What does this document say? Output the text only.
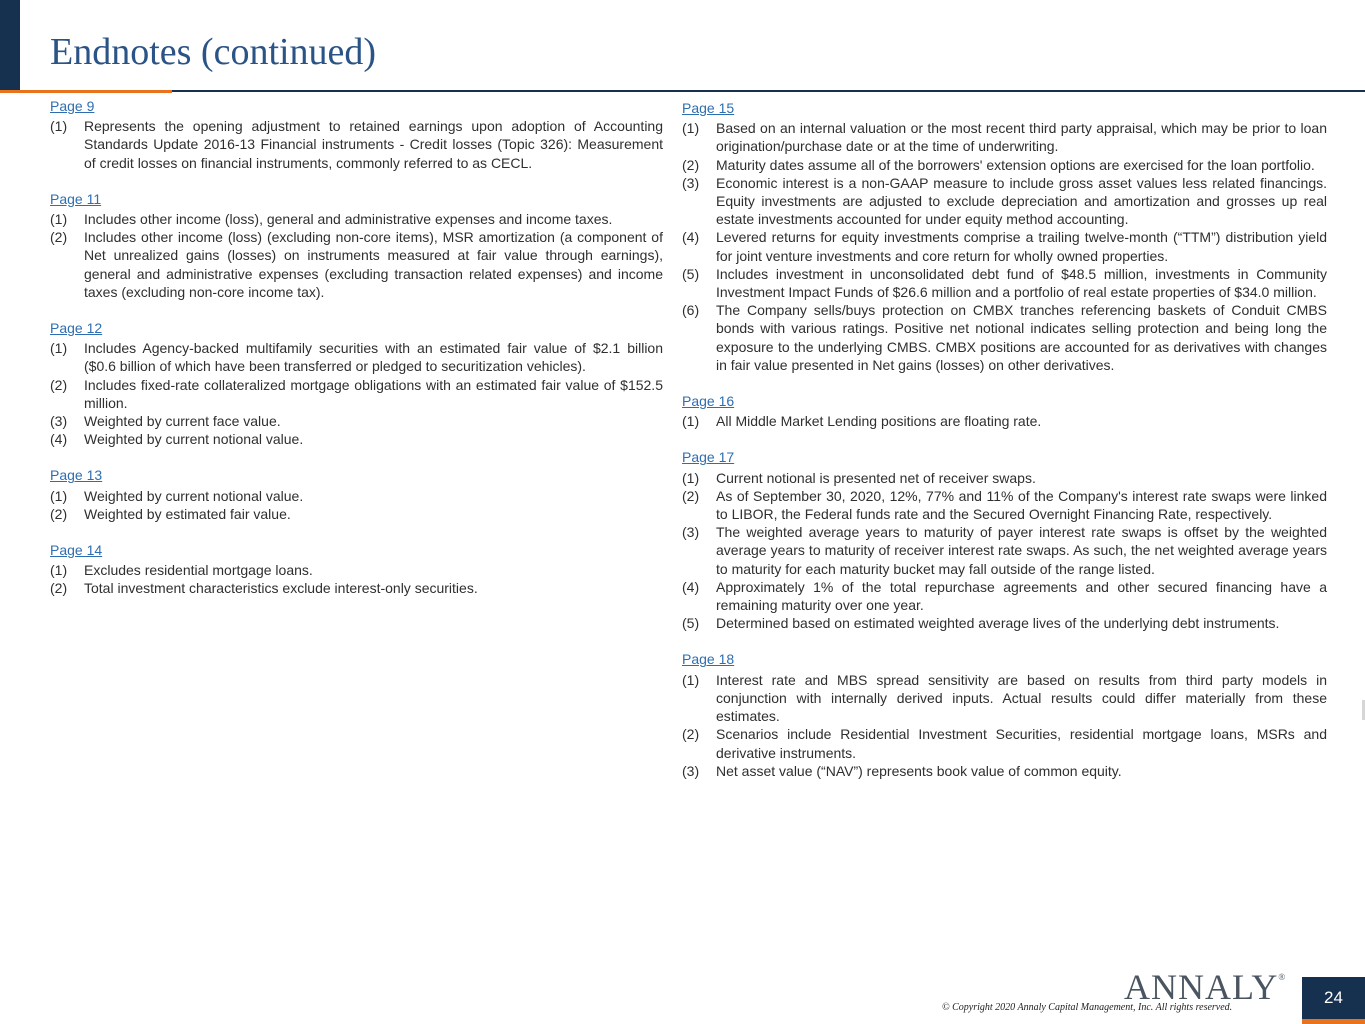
Endnotes (continued)
Page 9
(1)	Represents the opening adjustment to retained earnings upon adoption of Accounting Standards Update 2016-13 Financial instruments - Credit losses (Topic 326): Measurement of credit losses on financial instruments, commonly referred to as CECL.
Page 11
(1)	Includes other income (loss), general and administrative expenses and income taxes.
(2)	Includes other income (loss) (excluding non-core items), MSR amortization (a component of Net unrealized gains (losses) on instruments measured at fair value through earnings), general and administrative expenses (excluding transaction related expenses) and income taxes (excluding non-core income tax).
Page 12
(1)	Includes Agency-backed multifamily securities with an estimated fair value of $2.1 billion ($0.6 billion of which have been transferred or pledged to securitization vehicles).
(2)	Includes fixed-rate collateralized mortgage obligations with an estimated fair value of $152.5 million.
(3)	Weighted by current face value.
(4)	Weighted by current notional value.
Page 13
(1)	Weighted by current notional value.
(2)	Weighted by estimated fair value.
Page 14
(1)	Excludes residential mortgage loans.
(2)	Total investment characteristics exclude interest-only securities.
Page 15
(1)	Based on an internal valuation or the most recent third party appraisal, which may be prior to loan origination/purchase date or at the time of underwriting.
(2)	Maturity dates assume all of the borrowers' extension options are exercised for the loan portfolio.
(3)	Economic interest is a non-GAAP measure to include gross asset values less related financings. Equity investments are adjusted to exclude depreciation and amortization and grosses up real estate investments accounted for under equity method accounting.
(4)	Levered returns for equity investments comprise a trailing twelve-month (“TTM”) distribution yield for joint venture investments and core return for wholly owned properties.
(5)	Includes investment in unconsolidated debt fund of $48.5 million, investments in Community Investment Impact Funds of $26.6 million and a portfolio of real estate properties of $34.0 million.
(6)	The Company sells/buys protection on CMBX tranches referencing baskets of Conduit CMBS bonds with various ratings. Positive net notional indicates selling protection and being long the exposure to the underlying CMBS. CMBX positions are accounted for as derivatives with changes in fair value presented in Net gains (losses) on other derivatives.
Page 16
(1)	All Middle Market Lending positions are floating rate.
Page 17
(1)	Current notional is presented net of receiver swaps.
(2)	As of September 30, 2020, 12%, 77% and 11% of the Company's interest rate swaps were linked to LIBOR, the Federal funds rate and the Secured Overnight Financing Rate, respectively.
(3)	The weighted average years to maturity of payer interest rate swaps is offset by the weighted average years to maturity of receiver interest rate swaps. As such, the net weighted average years to maturity for each maturity bucket may fall outside of the range listed.
(4)	Approximately 1% of the total repurchase agreements and other secured financing have a remaining maturity over one year.
(5)	Determined based on estimated weighted average lives of the underlying debt instruments.
Page 18
(1)	Interest rate and MBS spread sensitivity are based on results from third party models in conjunction with internally derived inputs. Actual results could differ materially from these estimates.
(2)	Scenarios include Residential Investment Securities, residential mortgage loans, MSRs and derivative instruments.
(3)	Net asset value (“NAV”) represents book value of common equity.
ANNALY®
© Copyright 2020 Annaly Capital Management, Inc. All rights reserved.
24
